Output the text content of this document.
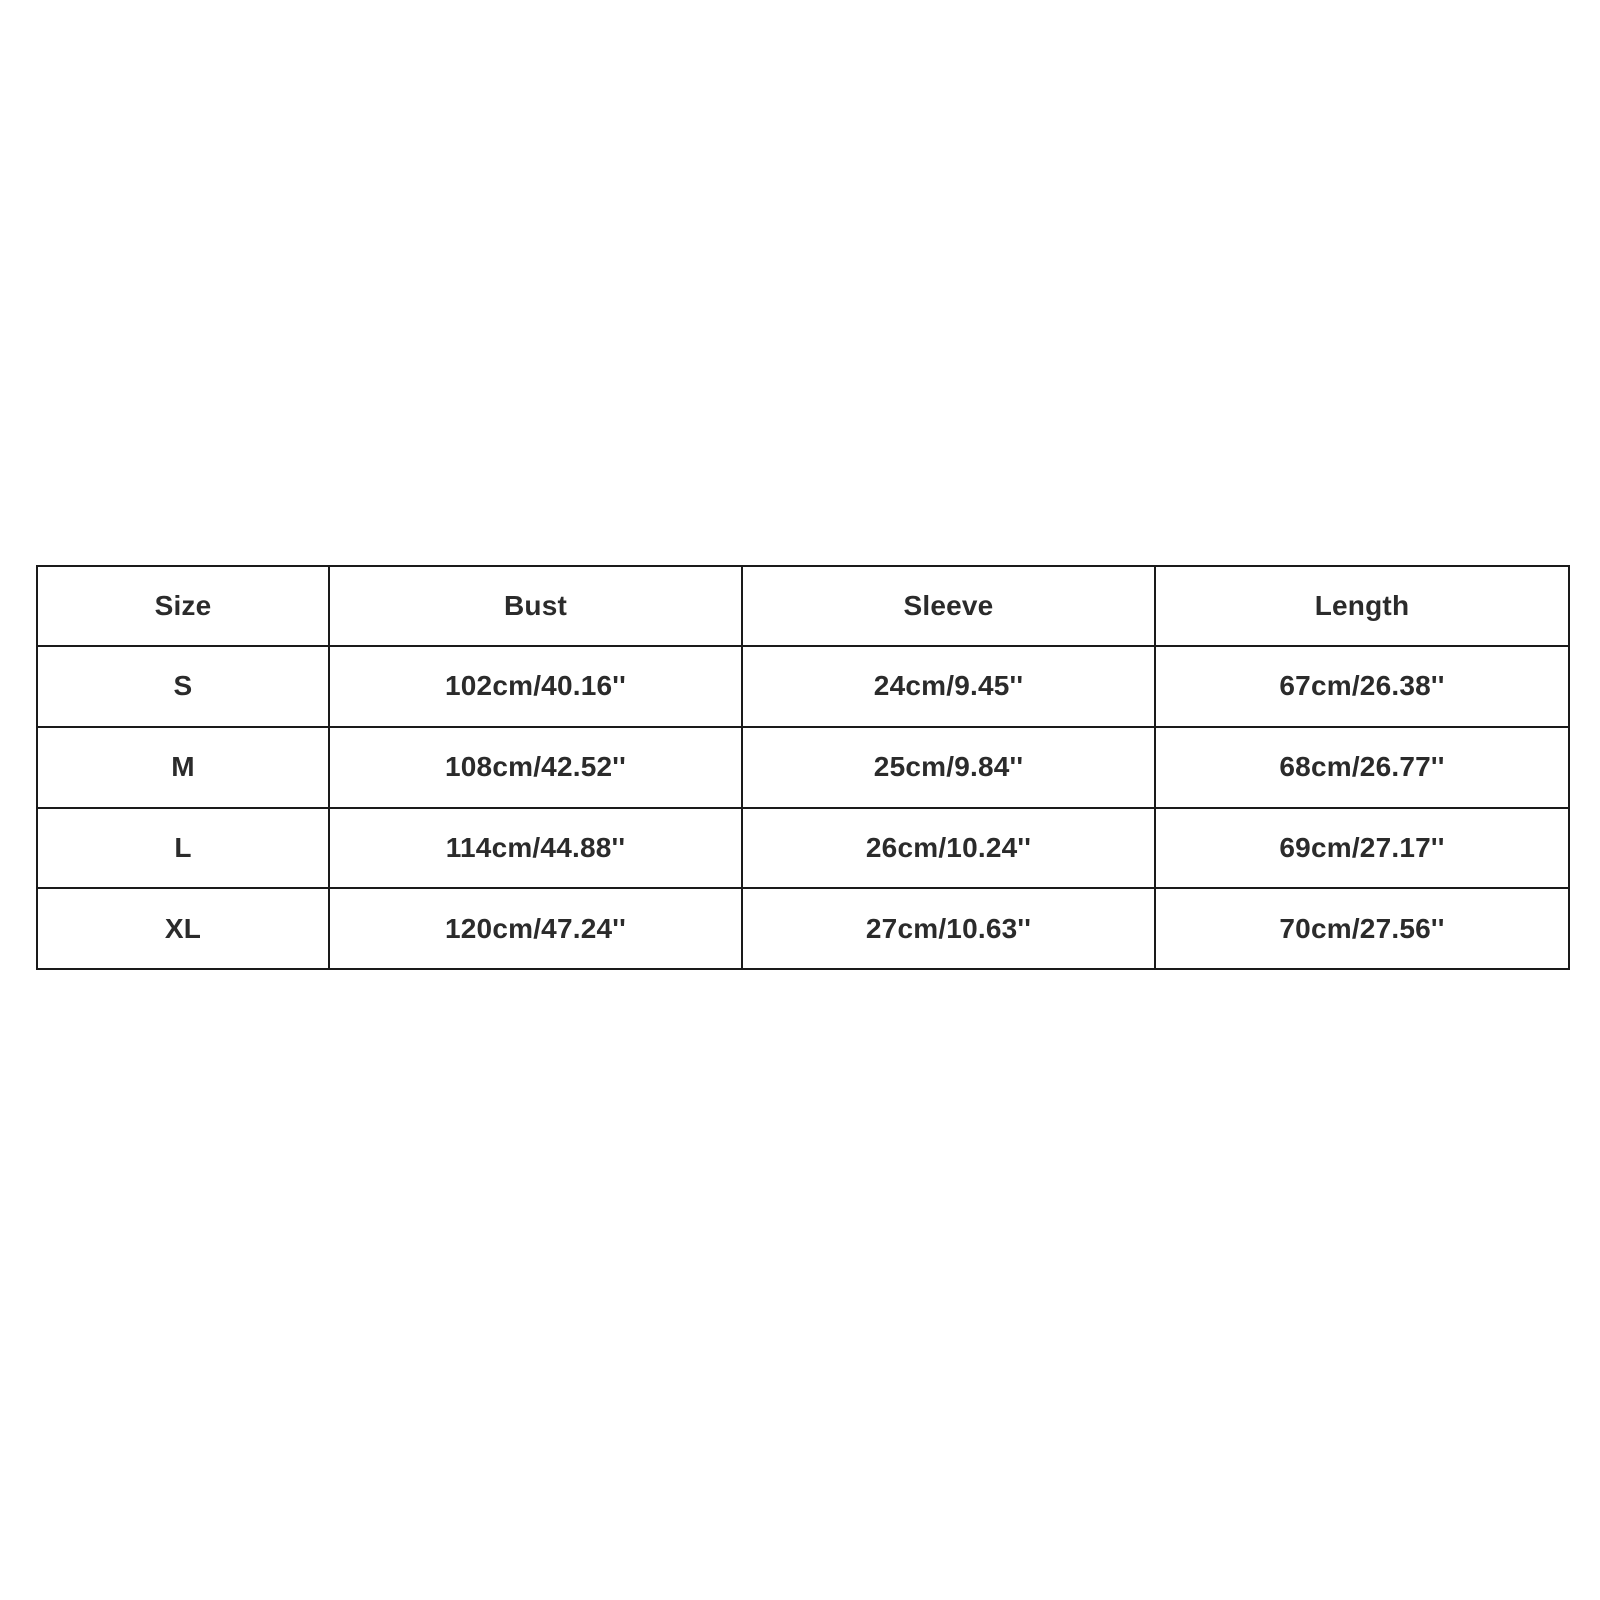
Size	Bust	Sleeve	Length
S	102cm/40.16''	24cm/9.45''	67cm/26.38''
M	108cm/42.52''	25cm/9.84''	68cm/26.77''
L	114cm/44.88''	26cm/10.24''	69cm/27.17''
XL	120cm/47.24''	27cm/10.63''	70cm/27.56''
